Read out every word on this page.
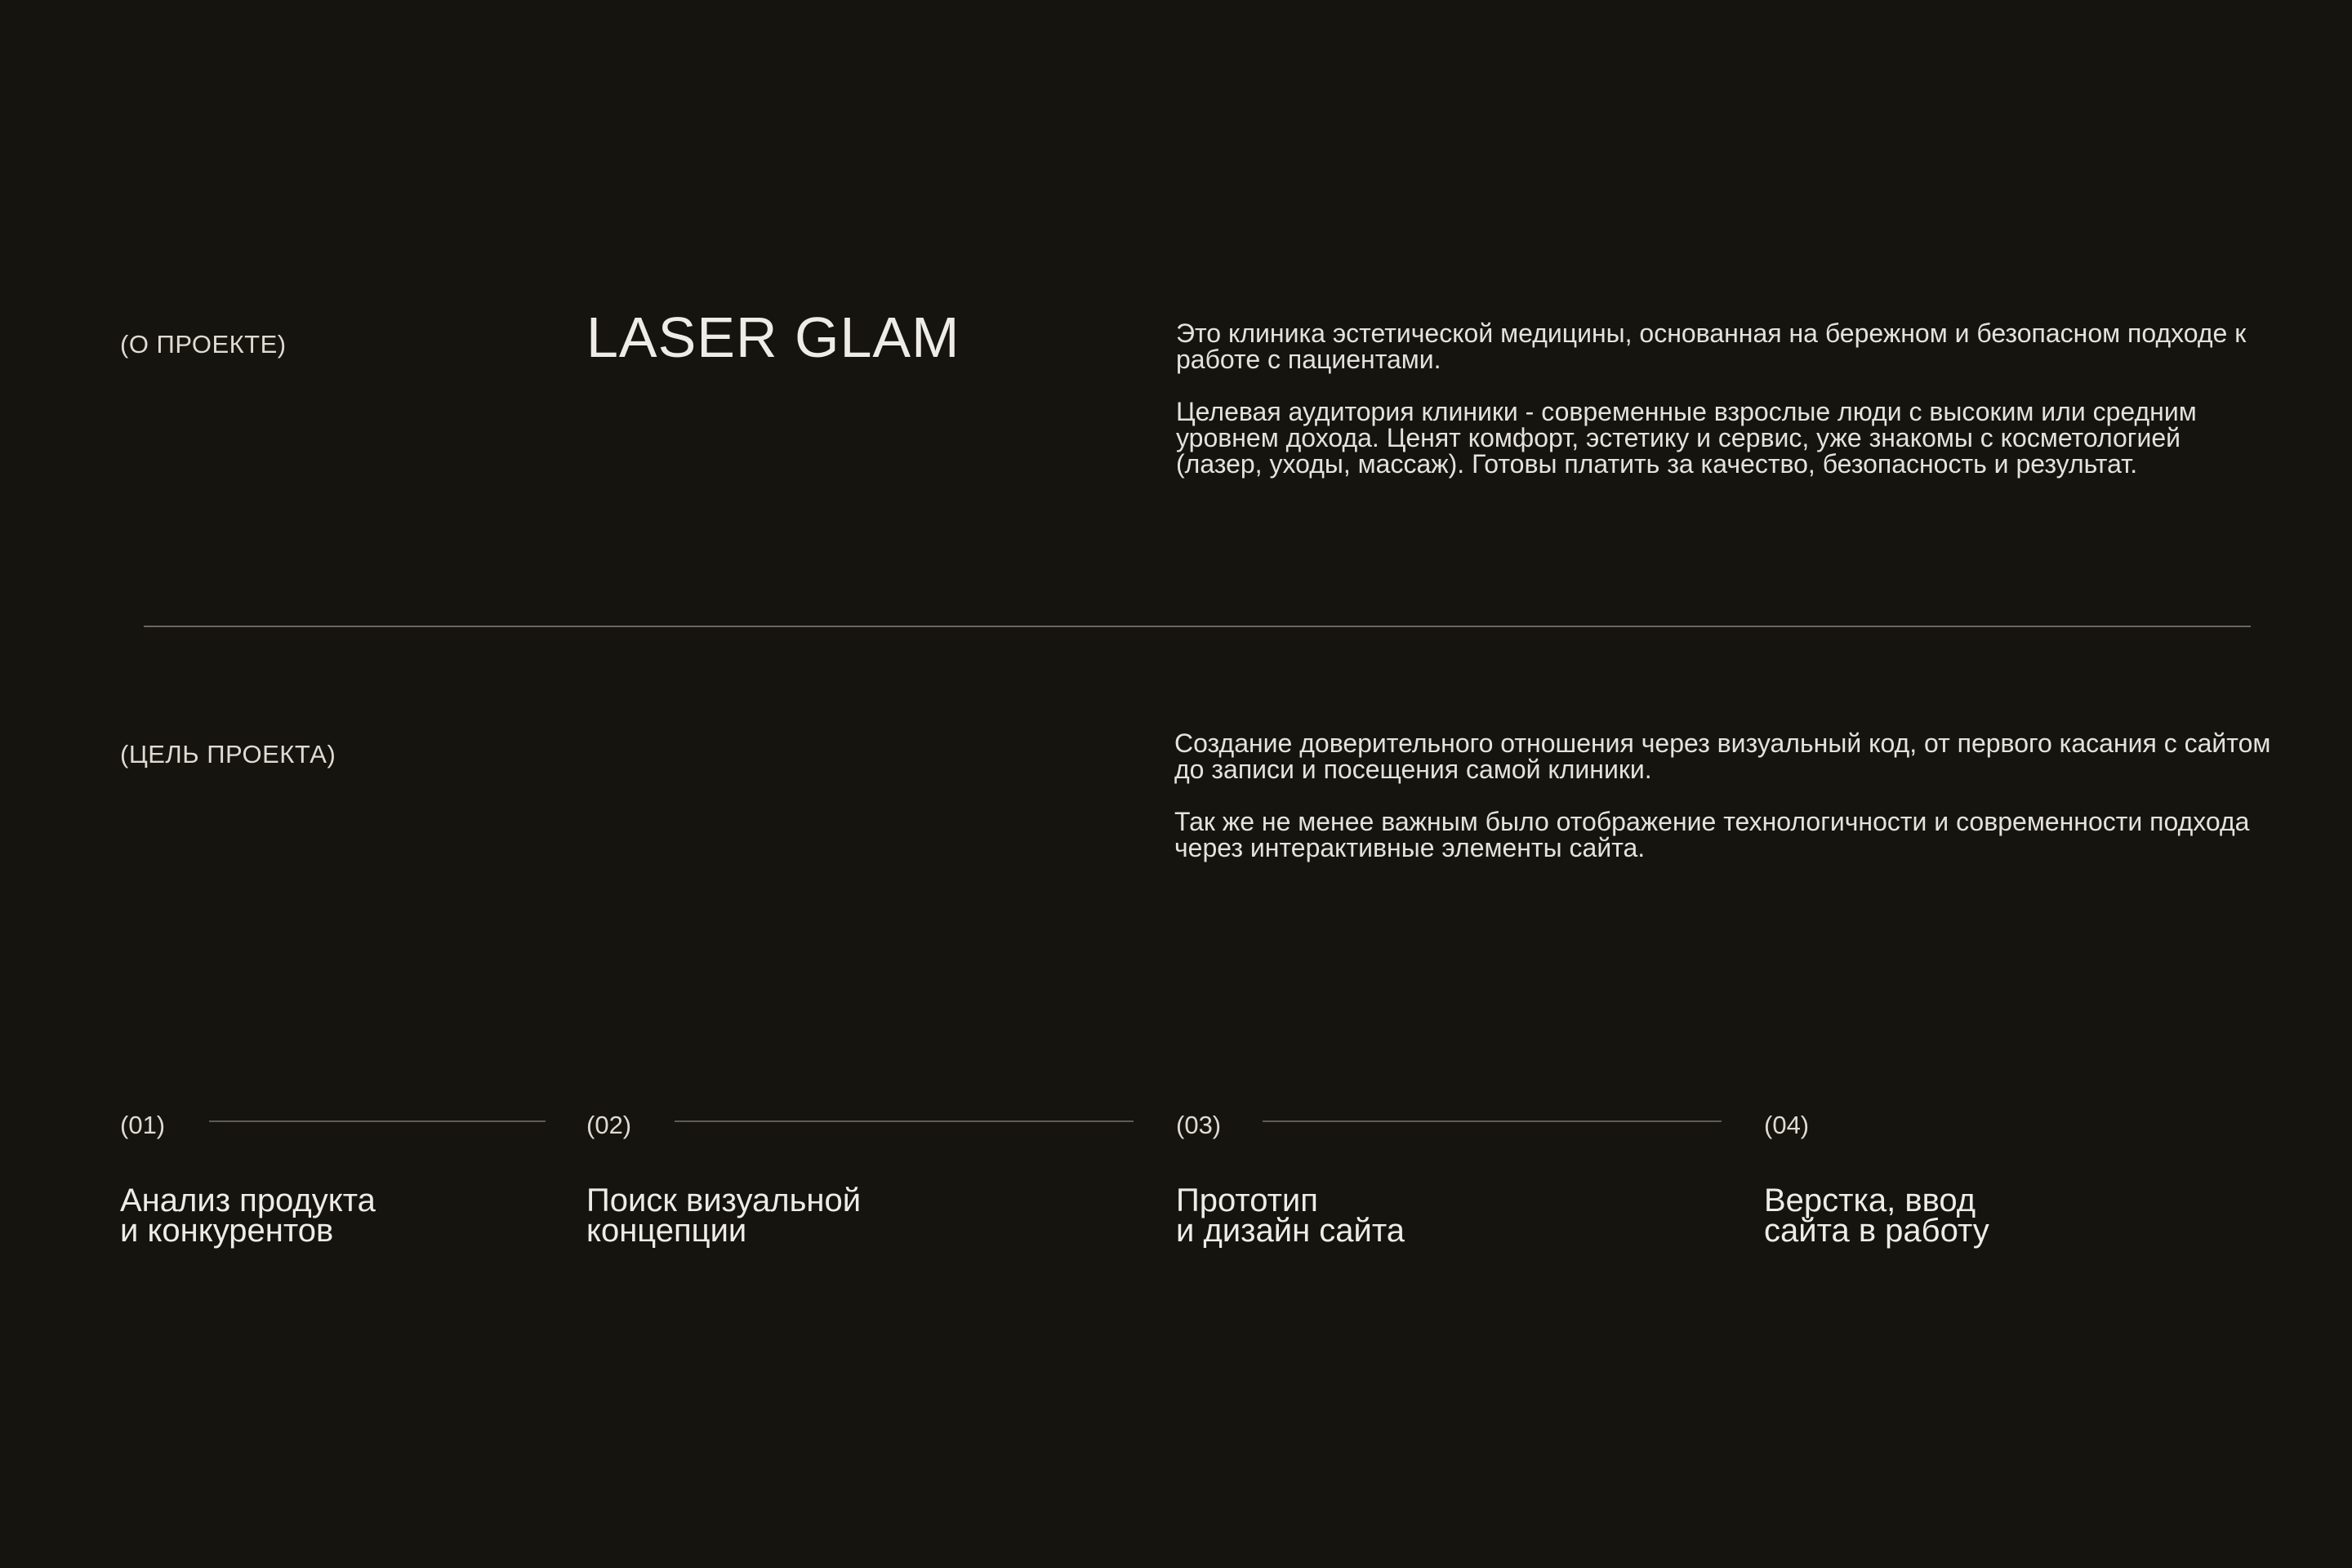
(О ПРОЕКТЕ)	LASER GLAM	Это клиника эстетической медицины, основанная на бережном и безопасном подходе к работе с пациентами.

Целевая аудитория клиники - современные взрослые люди с высоким или средним уровнем дохода. Ценят комфорт, эстетику и сервис, уже знакомы с косметологией (лазер, уходы, массаж). Готовы платить за качество, безопасность и результат.

(ЦЕЛЬ ПРОЕКТА)	Создание доверительного отношения через визуальный код, от первого касания с сайтом до записи и посещения самой клиники.

Так же не менее важным было отображение технологичности и современности подхода через интерактивные элементы сайта.

(01)
Анализ продукта
и конкурентов
(02)
Поиск визуальной
концепции
(03)
Прототип
и дизайн сайта
(04)
Верстка, ввод
сайта в работу
